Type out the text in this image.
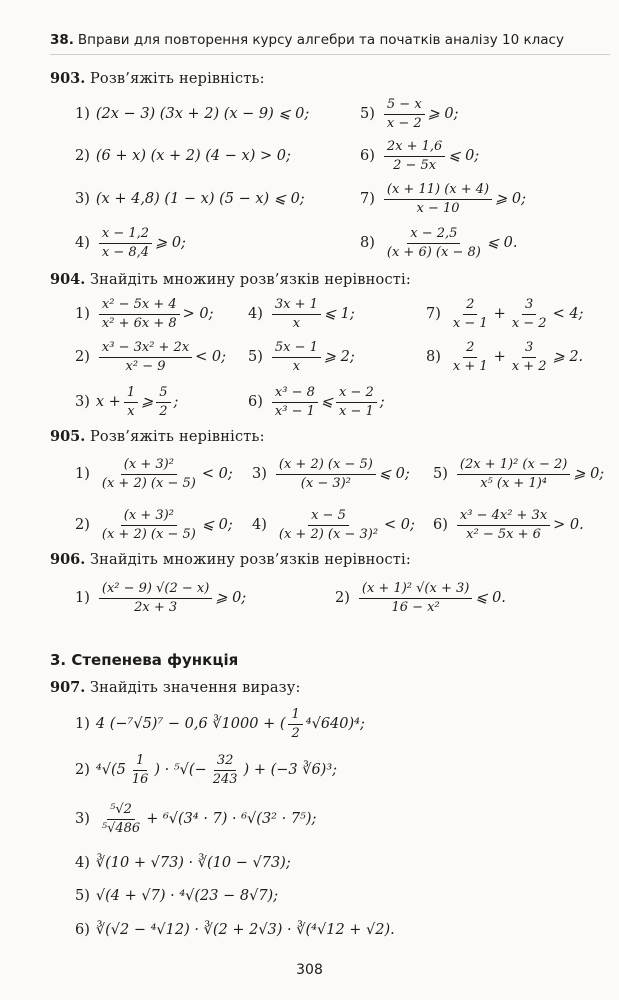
38. Вправи для повторення курсу алгебри та початків аналізу 10 класу
903. Розв’яжіть нерівність:
1) (2x − 3) (3x + 2) (x − 9) ⩽ 0;	$5) \frac{5 - x}{x - 2}$ ⩾ 0;
2) (6 + x) (x + 2) (4 − x) > 0;	$6) \frac{2x + 1,6}{2 - 5x}$ ⩽ 0;
3) (x + 4,8) (1 − x) (5 − x) ⩽ 0;	$7) \frac{(x + 11) (x + 4)}{x - 10}$ ⩾ 0;
$4) \frac{x - 1,2}{x - 8,4}$ ⩾ 0;	$8) \frac{x - 2,5}{(x + 6) (x - 8)}$ ⩽ 0.
904. Знайдіть множину розв’язків нерівності:
$1) \frac{\text{x² − 5x + 4}}{\text{x² + 6x + 8}} > 0$; $4) \frac{3x + 1}{x}$ ⩽ 1;	$7) \frac{2}{x - 1} + \frac{3}{x - 2} < 4$;
$2) \frac{\text{x³ − 3x² + 2x}}{\text{x² − 9}} < 0$; $5) \frac{5x - 1}{x}$ ⩾ 2;	$8) \frac{2}{x + 1} + \frac{3}{x + 2}$ ⩾ 2.
3) $x + \frac{1}{x}$ ⩾ $\frac{5}{2}$ ;	$6) \frac{\text{x³ − 8}}{\text{x³ − 1}}$ ⩽ $\frac{x - 2}{x - 1}$ ;
905. Розв’яжіть нерівність:
$1) \frac{\text{(x + 3)²}}{(x + 2) (x - 5)} < 0$; $3) \frac{(x + 2) (x - 5)}{\text{(x − 3)²}}$ ⩽ 0; $5) \frac{\text{(2x + 1)² (x − 2)}}{\text{x⁵ (x + 1)⁴}}$ ⩾ 0;
$2) \frac{\text{(x + 3)²}}{(x + 2) (x - 5)}$ ⩽ 0; $4) \frac{x - 5}{\text{(x + 2) (x − 3)²}} < 0$; $6) \frac{\text{x³ − 4x² + 3x}}{\text{x² − 5x + 6}} > 0$.
906. Знайдіть множину розв’язків нерівності:
$1) \frac{\text{(x² − 9) √(2 − x)}}{2x + 3}$ ⩾ 0;	$2) \frac{\text{(x + 1)² √(x + 3)}}{\text{16 − x²}}$ ⩽ 0.
3. Степенева функція
907. Знайдіть значення виразу:
1) 4 (−⁷√5)⁷ − 0,6 ∛1000 + ( $\frac{1}{2} ^4√640)^4$;
2) $^4√(5 \frac{1}{16}$ ) · $^5√(- \frac{32}{243}$ ) + (−3 ∛6)³;
$3) \frac{\text{⁵√2}}{\text{⁵√486}} + ^6√(3^4 \cdot 7) \cdot ^6√(3^2 \cdot 7^5)$;
4) ∛(10 + √73) · ∛(10 − √73);
5) √(4 + √7) · ⁴√(23 − 8√7);
6) ∛(√2 − ⁴√12) · ∛(2 + 2√3) · ∛(⁴√12 + √2).
308
